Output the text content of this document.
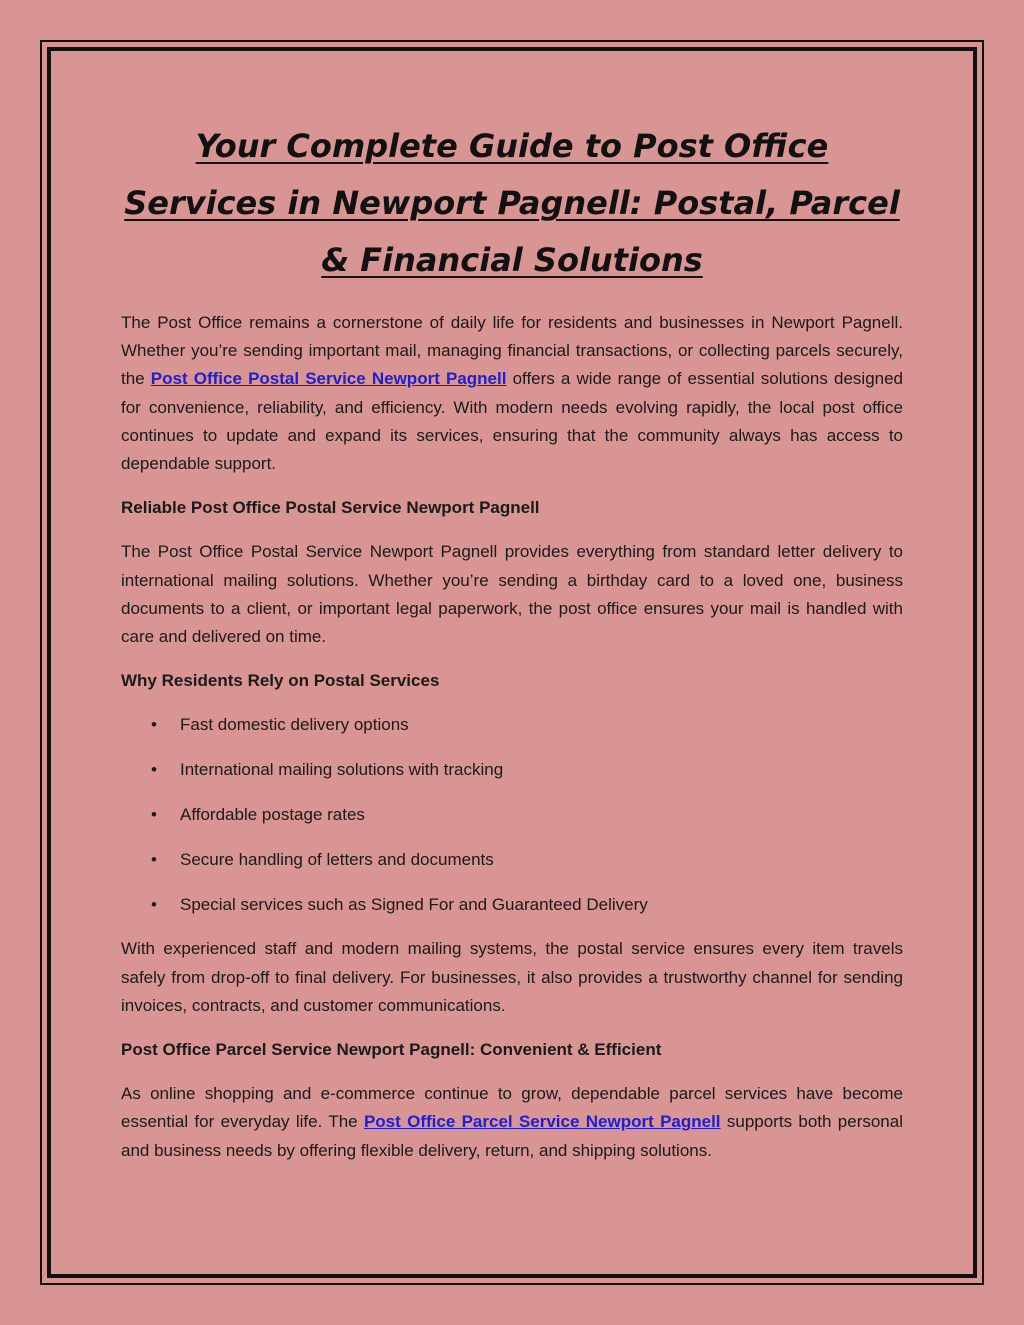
Your Complete Guide to Post Office Services in Newport Pagnell: Postal, Parcel & Financial Solutions

The Post Office remains a cornerstone of daily life for residents and businesses in Newport Pagnell. Whether you’re sending important mail, managing financial transactions, or collecting parcels securely, the Post Office Postal Service Newport Pagnell offers a wide range of essential solutions designed for convenience, reliability, and efficiency. With modern needs evolving rapidly, the local post office continues to update and expand its services, ensuring that the community always has access to dependable support.

Reliable Post Office Postal Service Newport Pagnell

The Post Office Postal Service Newport Pagnell provides everything from standard letter delivery to international mailing solutions. Whether you’re sending a birthday card to a loved one, business documents to a client, or important legal paperwork, the post office ensures your mail is handled with care and delivered on time.

Why Residents Rely on Postal Services

• Fast domestic delivery options
• International mailing solutions with tracking
• Affordable postage rates
• Secure handling of letters and documents
• Special services such as Signed For and Guaranteed Delivery

With experienced staff and modern mailing systems, the postal service ensures every item travels safely from drop-off to final delivery. For businesses, it also provides a trustworthy channel for sending invoices, contracts, and customer communications.

Post Office Parcel Service Newport Pagnell: Convenient & Efficient

As online shopping and e-commerce continue to grow, dependable parcel services have become essential for everyday life. The Post Office Parcel Service Newport Pagnell supports both personal and business needs by offering flexible delivery, return, and shipping solutions.
